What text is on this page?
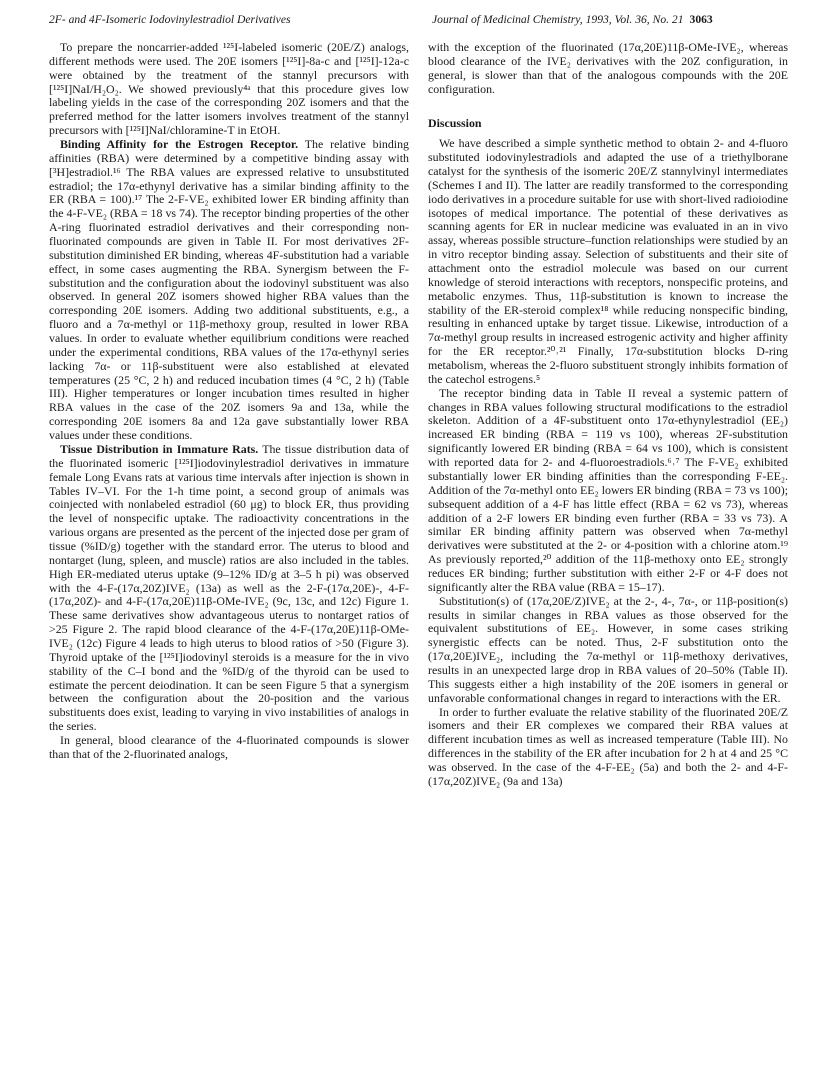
2F- and 4F-Isomeric Iodovinylestradiol Derivatives	Journal of Medicinal Chemistry, 1993, Vol. 36, No. 21 3063

To prepare the noncarrier-added ¹²⁵I-labeled isomeric (20E/Z) analogs, different methods were used. The 20E isomers [¹²⁵I]-8a-c and [¹²⁵I]-12a-c were obtained by the treatment of the stannyl precursors with [¹²⁵I]NaI/H₂O₂. We showed previously⁴ᵃ that this procedure gives low labeling yields in the case of the corresponding 20Z isomers and that the preferred method for the latter isomers involves treatment of the stannyl precursors with [¹²⁵I]NaI/chloramine-T in EtOH.

Binding Affinity for the Estrogen Receptor. The relative binding affinities (RBA) were determined by a competitive binding assay with [³H]estradiol.¹⁶ The RBA values are expressed relative to unsubstituted estradiol; the 17α-ethynyl derivative has a similar binding affinity to the ER (RBA = 100).¹⁷ The 2-F-VE₂ exhibited lower ER binding affinity than the 4-F-VE₂ (RBA = 18 vs 74). The receptor binding properties of the other A-ring fluorinated estradiol derivatives and their corresponding non-fluorinated compounds are given in Table II. For most derivatives 2F-substitution diminished ER binding, whereas 4F-substitution had a variable effect, in some cases augmenting the RBA. Synergism between the F-substitution and the configuration about the iodovinyl substituent was also observed. In general 20Z isomers showed higher RBA values than the corresponding 20E isomers. Adding two additional substituents, e.g., a fluoro and a 7α-methyl or 11β-methoxy group, resulted in lower RBA values. In order to evaluate whether equilibrium conditions were reached under the experimental conditions, RBA values of the 17α-ethynyl series lacking 7α- or 11β-substituent were also established at elevated temperatures (25 °C, 2 h) and reduced incubation times (4 °C, 2 h) (Table III). Higher temperatures or longer incubation times resulted in higher RBA values in the case of the 20Z isomers 9a and 13a, while the corresponding 20E isomers 8a and 12a gave substantially lower RBA values under these conditions.

Tissue Distribution in Immature Rats. The tissue distribution data of the fluorinated isomeric [¹²⁵I]iodovinylestradiol derivatives in immature female Long Evans rats at various time intervals after injection is shown in Tables IV–VI. For the 1-h time point, a second group of animals was coinjected with nonlabeled estradiol (60 μg) to block ER, thus providing the level of nonspecific uptake. The radioactivity concentrations in the various organs are presented as the percent of the injected dose per gram of tissue (%ID/g) together with the standard error. The uterus to blood and nontarget (lung, spleen, and muscle) ratios are also included in the tables. High ER-mediated uterus uptake (9–12% ID/g at 3–5 h pi) was observed with the 4-F-(17α,20Z)IVE₂ (13a) as well as the 2-F-(17α,20E)-, 4-F-(17α,20Z)- and 4-F-(17α,20E)11β-OMe-IVE₂ (9c, 13c, and 12c) Figure 1. These same derivatives show advantageous uterus to nontarget ratios of >25 Figure 2. The rapid blood clearance of the 4-F-(17α,20E)11β-OMe-IVE₂ (12c) Figure 4 leads to high uterus to blood ratios of >50 (Figure 3). Thyroid uptake of the [¹²⁵I]iodovinyl steroids is a measure for the in vivo stability of the C–I bond and the %ID/g of the thyroid can be used to estimate the percent deiodination. It can be seen Figure 5 that a synergism between the configuration about the 20-position and the various substituents does exist, leading to varying in vivo instabilities of analogs in the series.

In general, blood clearance of the 4-fluorinated compounds is slower than that of the 2-fluorinated analogs,

with the exception of the fluorinated (17α,20E)11β-OMe-IVE₂, whereas blood clearance of the IVE₂ derivatives with the 20Z configuration, in general, is slower than that of the analogous compounds with the 20E configuration.

Discussion

We have described a simple synthetic method to obtain 2- and 4-fluoro substituted iodovinylestradiols and adapted the use of a triethylborane catalyst for the synthesis of the isomeric 20E/Z stannylvinyl intermediates (Schemes I and II). The latter are readily transformed to the corresponding iodo derivatives in a procedure suitable for use with short-lived radioiodine isotopes of medical importance. The potential of these derivatives as scanning agents for ER in nuclear medicine was evaluated in an in vivo assay, whereas possible structure–function relationships were studied by an in vitro receptor binding assay. Selection of substituents and their site of attachment onto the estradiol molecule was based on our current knowledge of steroid interactions with receptors, nonspecific proteins, and metabolic enzymes. Thus, 11β-substitution is known to increase the stability of the ER-steroid complex¹⁸ while reducing nonspecific binding, resulting in enhanced uptake by target tissue. Likewise, introduction of a 7α-methyl group results in increased estrogenic activity and higher affinity for the ER receptor.²⁰˒²¹ Finally, 17α-substitution blocks D-ring metabolism, whereas the 2-fluoro substituent strongly inhibits formation of the catechol estrogens.⁵

The receptor binding data in Table II reveal a systemic pattern of changes in RBA values following structural modifications to the estradiol skeleton. Addition of a 4F-substituent onto 17α-ethynylestradiol (EE₂) increased ER binding (RBA = 119 vs 100), whereas 2F-substitution significantly lowered ER binding (RBA = 64 vs 100), which is consistent with reported data for 2- and 4-fluoroestradiols.⁶˒⁷ The F-VE₂ exhibited substantially lower ER binding affinities than the corresponding F-EE₂. Addition of the 7α-methyl onto EE₂ lowers ER binding (RBA = 73 vs 100); subsequent addition of a 4-F has little effect (RBA = 62 vs 73), whereas addition of a 2-F lowers ER binding even further (RBA = 33 vs 73). A similar ER binding affinity pattern was observed when 7α-methyl derivatives were substituted at the 2- or 4-position with a chlorine atom.¹⁹ As previously reported,²⁰ addition of the 11β-methoxy onto EE₂ strongly reduces ER binding; further substitution with either 2-F or 4-F does not significantly alter the RBA value (RBA = 15–17).

Substitution(s) of (17α,20E/Z)IVE₂ at the 2-, 4-, 7α-, or 11β-position(s) results in similar changes in RBA values as those observed for the equivalent substitutions of EE₂. However, in some cases striking synergistic effects can be noted. Thus, 2-F substitution onto the (17α,20E)IVE₂, including the 7α-methyl or 11β-methoxy derivatives, results in an unexpected large drop in RBA values of 20–50% (Table II). This suggests either a high instability of the 20E isomers in general or unfavorable conformational changes in regard to interactions with the ER.

In order to further evaluate the relative stability of the fluorinated 20E/Z isomers and their ER complexes we compared their RBA values at different incubation times as well as increased temperature (Table III). No differences in the stability of the ER after incubation for 2 h at 4 and 25 °C was observed. In the case of the 4-F-EE₂ (5a) and both the 2- and 4-F-(17α,20Z)IVE₂ (9a and 13a)
